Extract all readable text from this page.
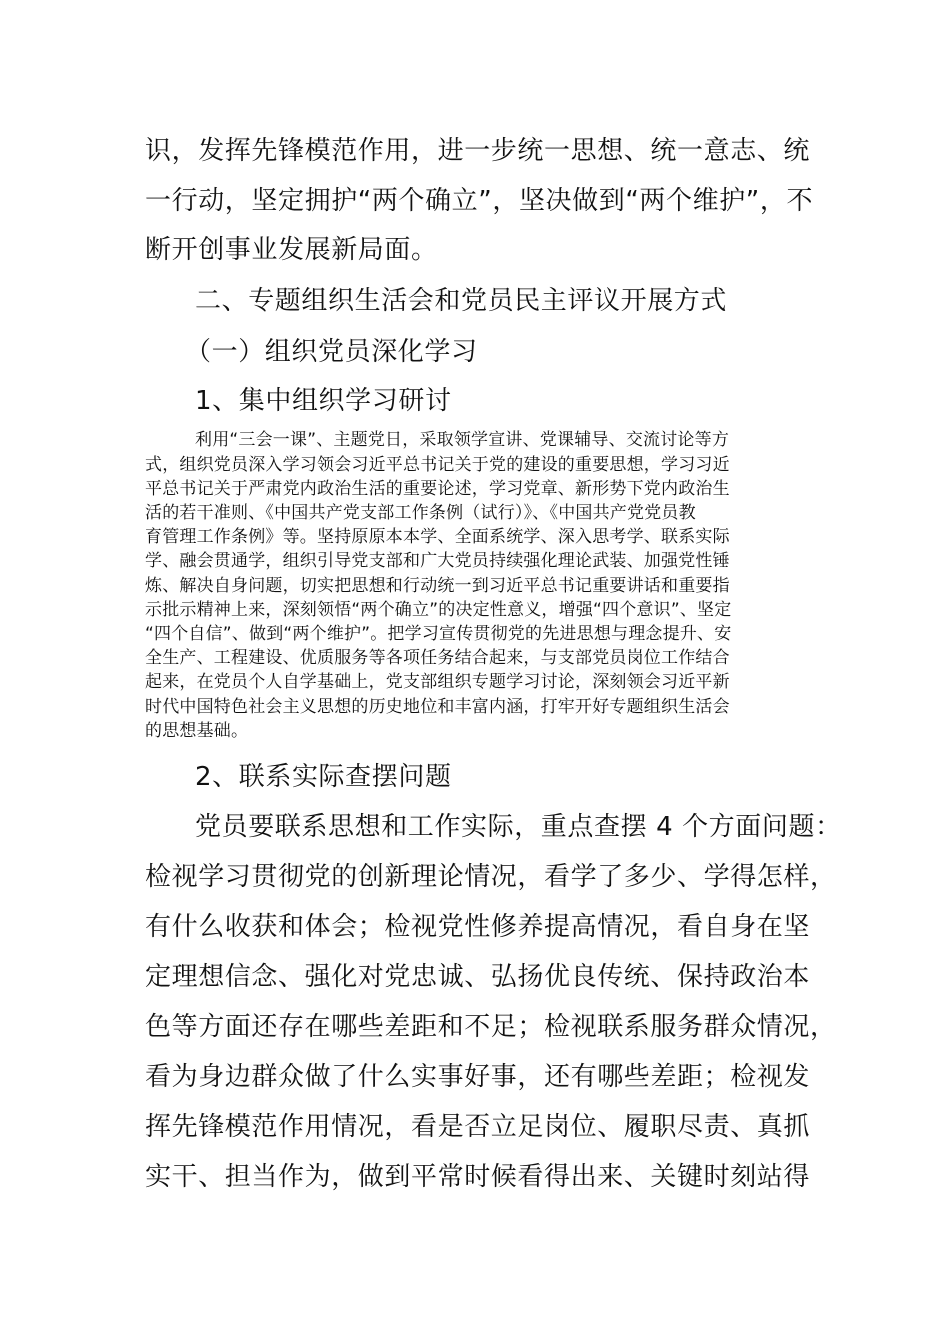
识，发挥先锋模范作用，进一步统一思想、统一意志、统

一行动，坚定拥护“两个确立”，坚决做到“两个维护”，不

断开创事业发展新局面。

二、专题组织生活会和党员民主评议开展方式

（一）组织党员深化学习

1、集中组织学习研讨

利用“三会一课”、主题党日，采取领学宣讲、党课辅导、交流讨论等方

式，组织党员深入学习领会习近平总书记关于党的建设的重要思想，学习习近

平总书记关于严肃党内政治生活的重要论述，学习党章、新形势下党内政治生

活的若干准则、《中国共产党支部工作条例（试行）》、《中国共产党党员教

育管理工作条例》等。坚持原原本本学、全面系统学、深入思考学、联系实际

学、融会贯通学，组织引导党支部和广大党员持续强化理论武装、加强党性锤

炼、解决自身问题，切实把思想和行动统一到习近平总书记重要讲话和重要指

示批示精神上来，深刻领悟“两个确立”的决定性意义，增强“四个意识”、坚定

“四个自信”、做到“两个维护”。把学习宣传贯彻党的先进思想与理念提升、安

全生产、工程建设、优质服务等各项任务结合起来，与支部党员岗位工作结合

起来，在党员个人自学基础上，党支部组织专题学习讨论，深刻领会习近平新

时代中国特色社会主义思想的历史地位和丰富内涵，打牢开好专题组织生活会

的思想基础。

2、联系实际查摆问题

党员要联系思想和工作实际，重点查摆 4 个方面问题：

检视学习贯彻党的创新理论情况，看学了多少、学得怎样，

有什么收获和体会；检视党性修养提高情况，看自身在坚

定理想信念、强化对党忠诚、弘扬优良传统、保持政治本

色等方面还存在哪些差距和不足；检视联系服务群众情况，

看为身边群众做了什么实事好事，还有哪些差距；检视发

挥先锋模范作用情况，看是否立足岗位、履职尽责、真抓

实干、担当作为，做到平常时候看得出来、关键时刻站得
